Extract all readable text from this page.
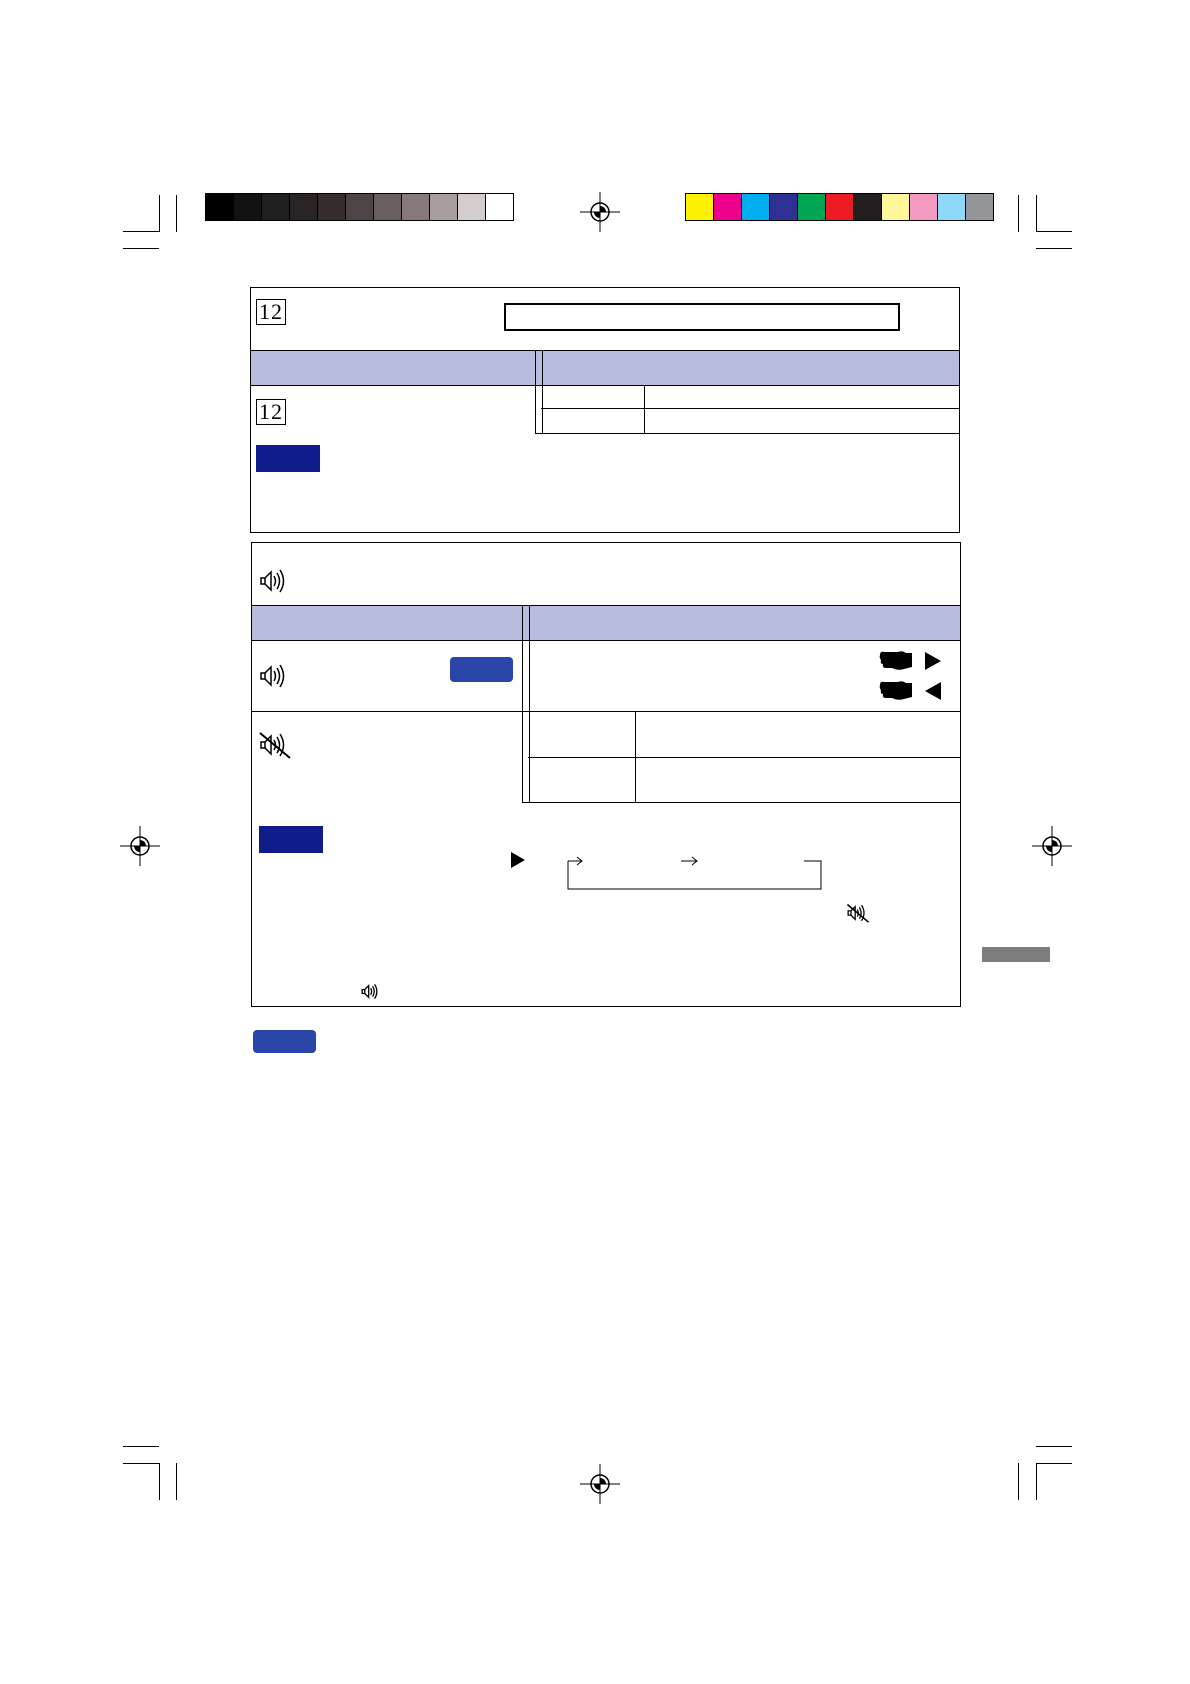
12
12
